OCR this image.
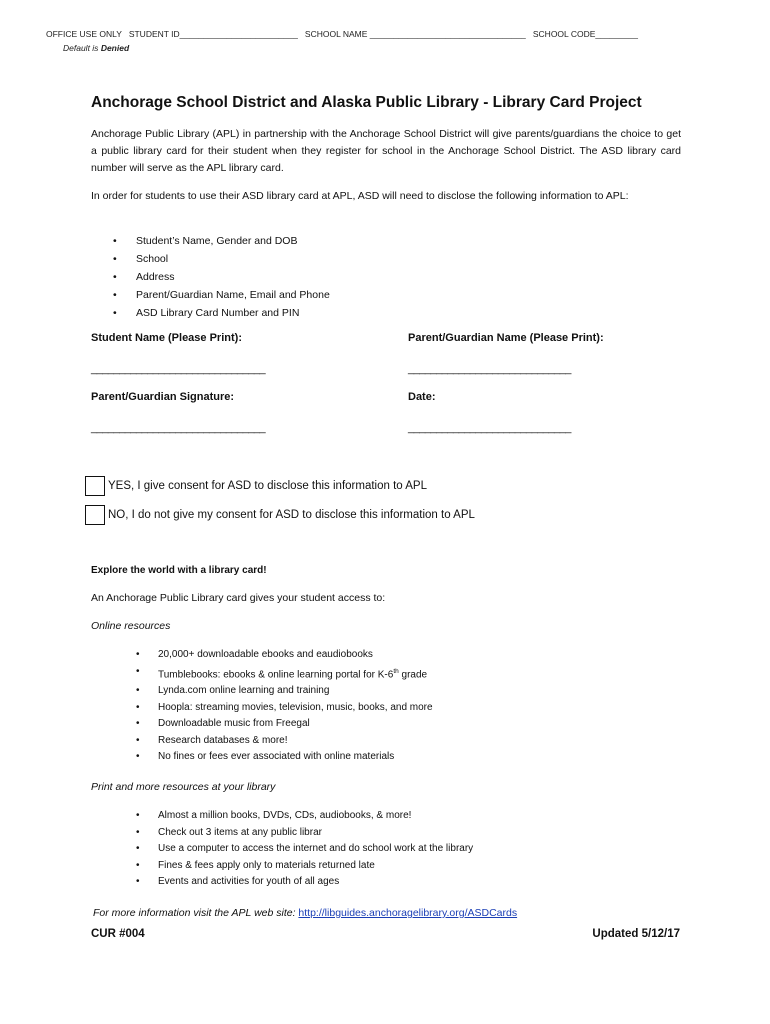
OFFICE USE ONLY   STUDENT ID_________________________   SCHOOL NAME _________________________________   SCHOOL CODE_________
Default is Denied
Anchorage School District and Alaska Public Library - Library Card Project
Anchorage Public Library (APL) in partnership with the Anchorage School District will give parents/guardians the choice to get a public library card for their student when they register for school in the Anchorage School District. The ASD library card number will serve as the APL library card.
In order for students to use their ASD library card at APL, ASD will need to disclose the following information to APL:
• Student’s Name, Gender and DOB
• School
• Address
• Parent/Guardian Name, Email and Phone
• ASD Library Card Number and PIN
Student Name (Please Print):	Parent/Guardian Name (Please Print):
_______________________________	_____________________________
Parent/Guardian Signature:	Date:
_______________________________	_____________________________
YES, I give consent for ASD to disclose this information to APL
NO, I do not give my consent for ASD to disclose this information to APL
Explore the world with a library card!
An Anchorage Public Library card gives your student access to:
Online resources
• 20,000+ downloadable ebooks and eaudiobooks
• Tumblebooks: ebooks & online learning portal for K-6th grade
• Lynda.com online learning and training
• Hoopla: streaming movies, television, music, books, and more
• Downloadable music from Freegal
• Research databases & more!
• No fines or fees ever associated with online materials
Print and more resources at your library
• Almost a million books, DVDs, CDs, audiobooks, & more!
• Check out 3 items at any public librar
• Use a computer to access the internet and do school work at the library
• Fines & fees apply only to materials returned late
• Events and activities for youth of all ages
For more information visit the APL web site: http://libguides.anchoragelibrary.org/ASDCards
CUR #004	Updated 5/12/17
